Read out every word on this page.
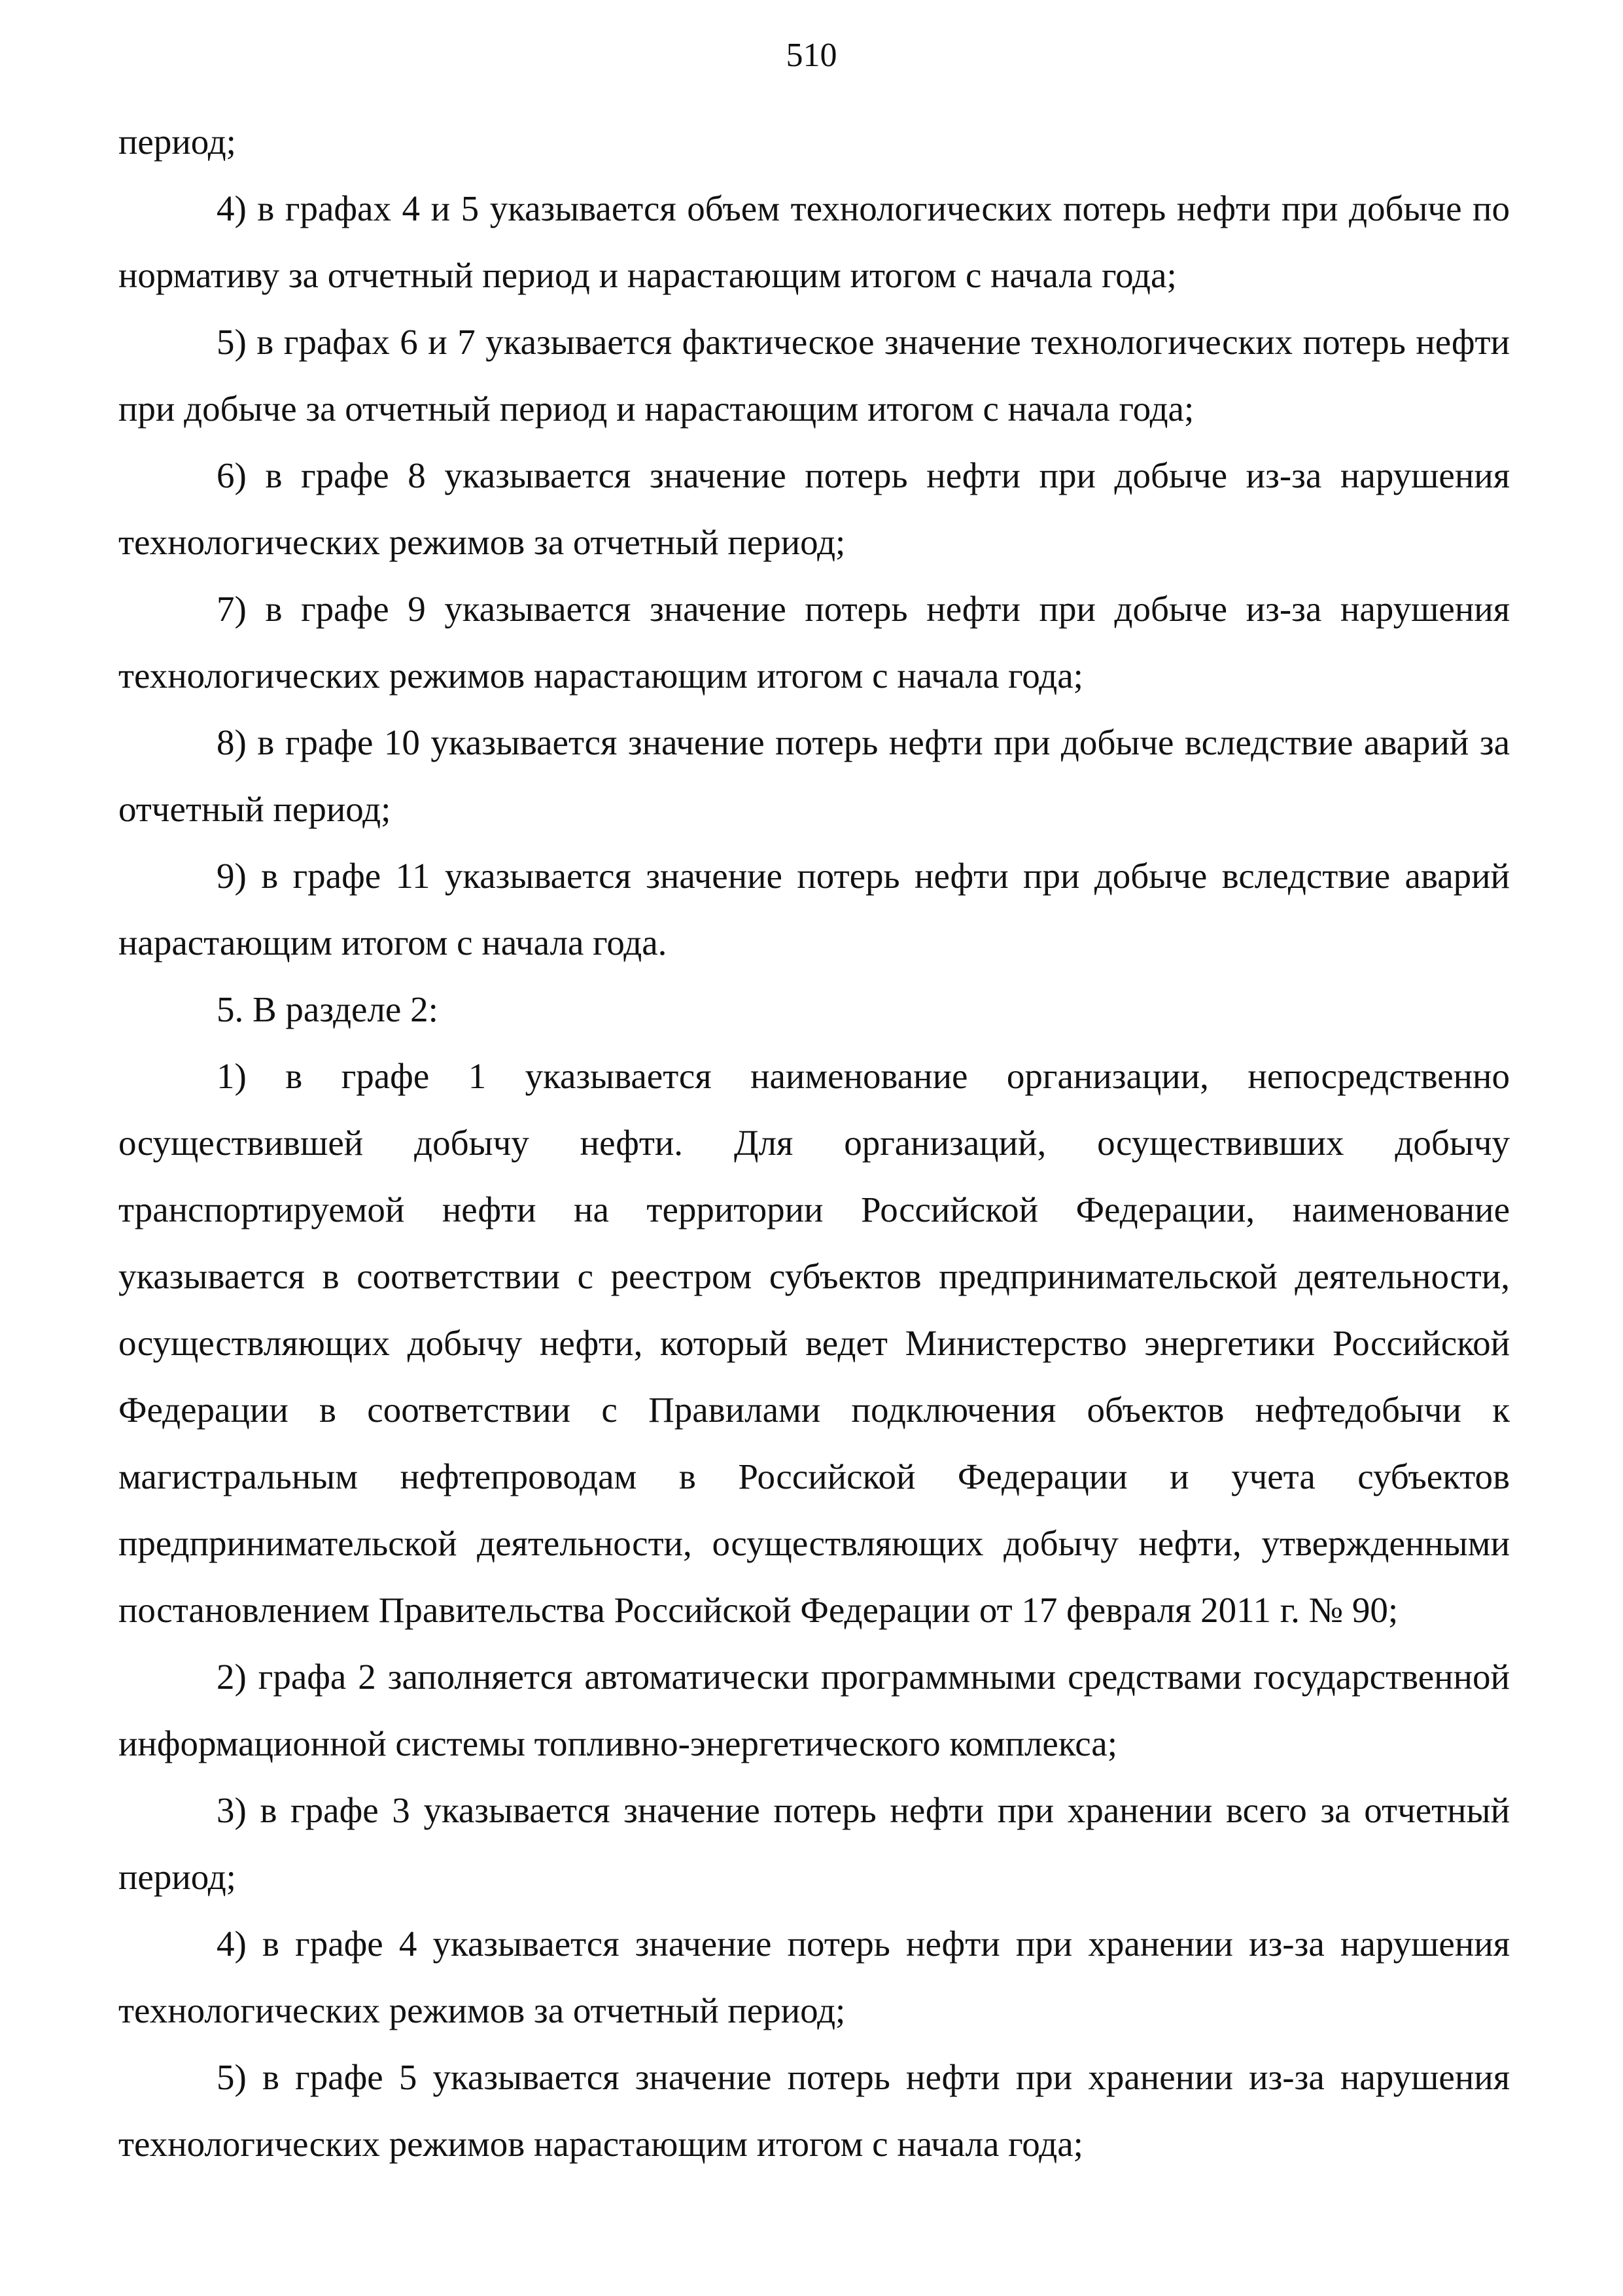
510

период;

4) в графах 4 и 5 указывается объем технологических потерь нефти при добыче по нормативу за отчетный период и нарастающим итогом с начала года;

5) в графах 6 и 7 указывается фактическое значение технологических потерь нефти при добыче за отчетный период и нарастающим итогом с начала года;

6) в графе 8 указывается значение потерь нефти при добыче из-за нарушения технологических режимов за отчетный период;

7) в графе 9 указывается значение потерь нефти при добыче из-за нарушения технологических режимов нарастающим итогом с начала года;

8) в графе 10 указывается значение потерь нефти при добыче вследствие аварий за отчетный период;

9) в графе 11 указывается значение потерь нефти при добыче вследствие аварий нарастающим итогом с начала года.

5. В разделе 2:

1) в графе 1 указывается наименование организации, непосредственно осуществившей добычу нефти. Для организаций, осуществивших добычу транспортируемой нефти на территории Российской Федерации, наименование указывается в соответствии с реестром субъектов предпринимательской деятельности, осуществляющих добычу нефти, который ведет Министерство энергетики Российской Федерации в соответствии с Правилами подключения объектов нефтедобычи к магистральным нефтепроводам в Российской Федерации и учета субъектов предпринимательской деятельности, осуществляющих добычу нефти, утвержденными постановлением Правительства Российской Федерации от 17 февраля 2011 г. № 90;

2) графа 2 заполняется автоматически программными средствами государственной информационной системы топливно-энергетического комплекса;

3) в графе 3 указывается значение потерь нефти при хранении всего за отчетный период;

4) в графе 4 указывается значение потерь нефти при хранении из-за нарушения технологических режимов за отчетный период;

5) в графе 5 указывается значение потерь нефти при хранении из-за нарушения технологических режимов нарастающим итогом с начала года;
